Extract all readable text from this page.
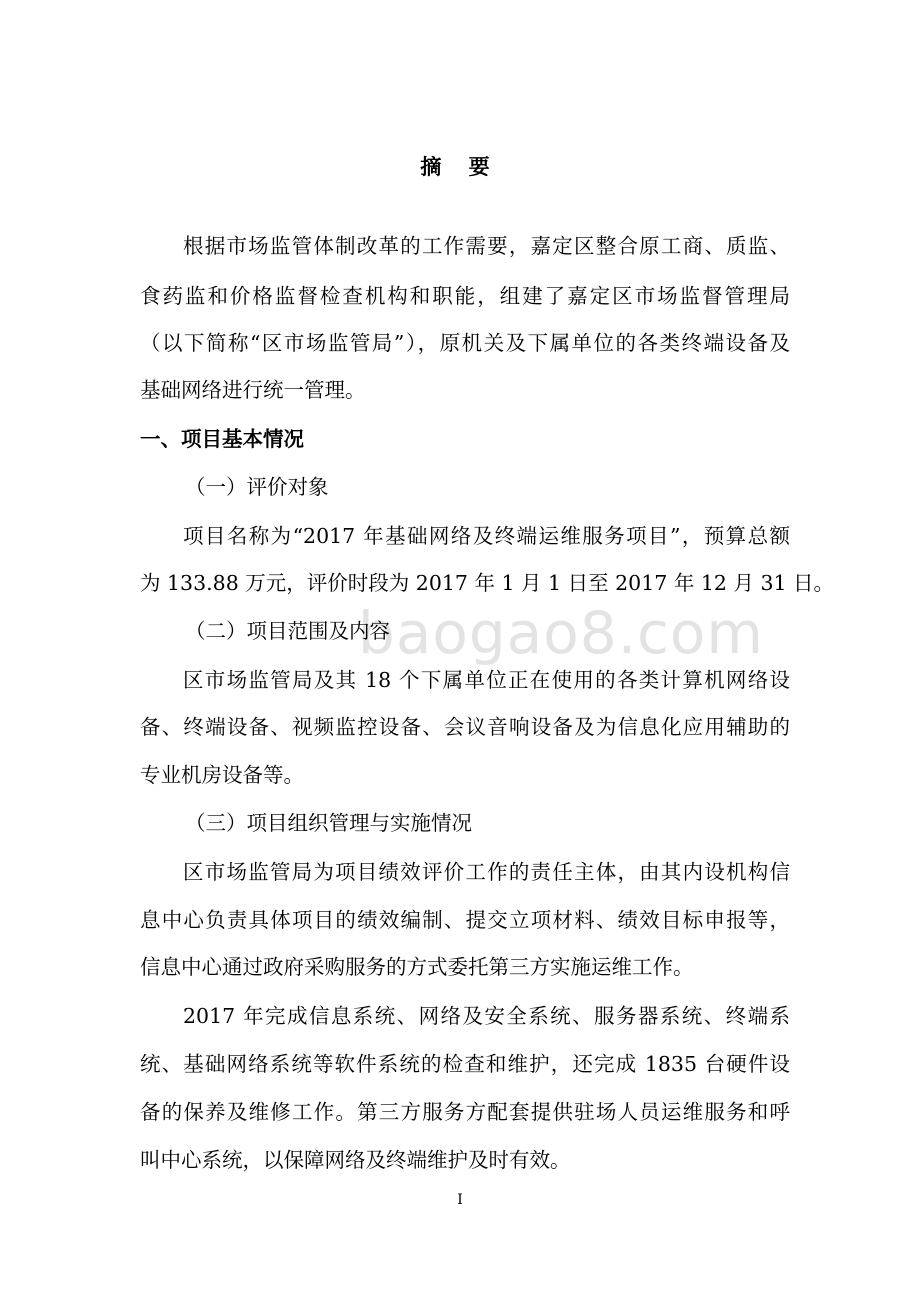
baogao8.com
摘 要
根据市场监管体制改革的工作需要，嘉定区整合原工商、质监、
食药监和价格监督检查机构和职能，组建了嘉定区市场监督管理局
（以下简称“区市场监管局”），原机关及下属单位的各类终端设备及
基础网络进行统一管理。
一、项目基本情况
（一）评价对象
项目名称为“2017 年基础网络及终端运维服务项目”，预算总额
为 133.88 万元，评价时段为 2017 年 1 月 1 日至 2017 年 12 月 31 日。
（二）项目范围及内容
区市场监管局及其 18 个下属单位正在使用的各类计算机网络设
备、终端设备、视频监控设备、会议音响设备及为信息化应用辅助的
专业机房设备等。
（三）项目组织管理与实施情况
区市场监管局为项目绩效评价工作的责任主体，由其内设机构信
息中心负责具体项目的绩效编制、提交立项材料、绩效目标申报等，
信息中心通过政府采购服务的方式委托第三方实施运维工作。
2017 年完成信息系统、网络及安全系统、服务器系统、终端系
统、基础网络系统等软件系统的检查和维护，还完成 1835 台硬件设
备的保养及维修工作。第三方服务方配套提供驻场人员运维服务和呼
叫中心系统，以保障网络及终端维护及时有效。
I
